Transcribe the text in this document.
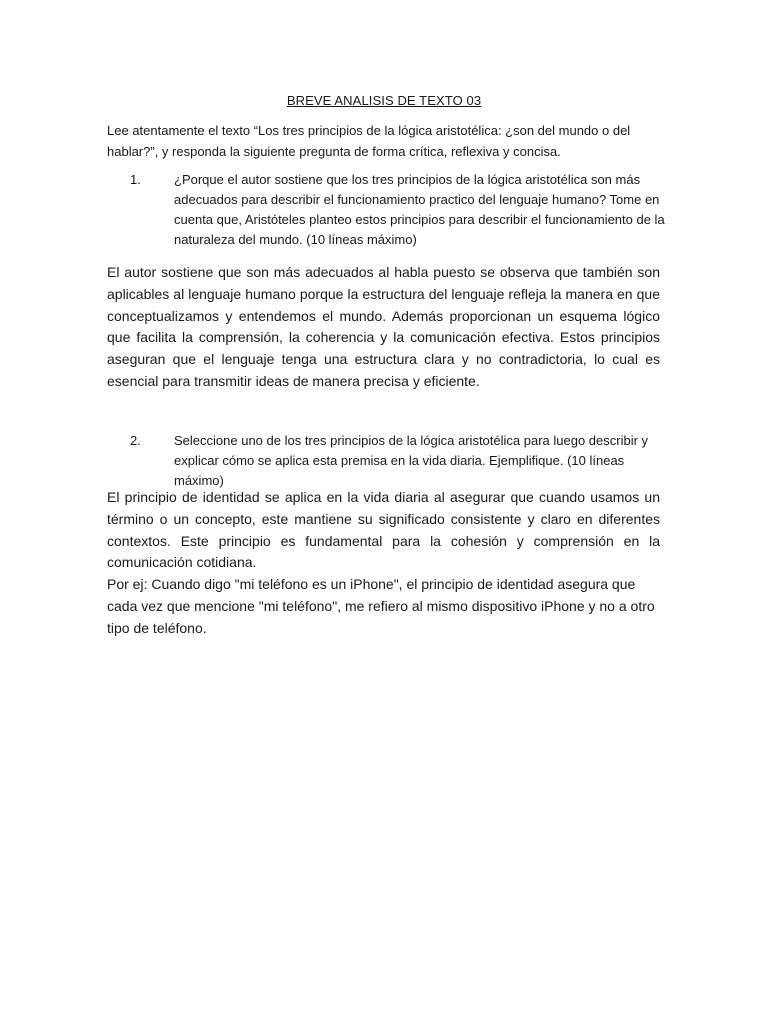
BREVE ANALISIS DE TEXTO 03
Lee atentamente el texto “Los tres principios de la lógica aristotélica: ¿son del mundo o del hablar?”, y responda la siguiente pregunta de forma crítica, reflexiva y concisa.
1.	¿Porque el autor sostiene que los tres principios de la lógica aristotélica son más adecuados para describir el funcionamiento practico del lenguaje humano? Tome en cuenta que, Aristóteles planteo estos principios para describir el funcionamiento de la naturaleza del mundo. (10 líneas máximo)

El autor sostiene que son más adecuados al habla puesto se observa que también son aplicables al lenguaje humano porque la estructura del lenguaje refleja la manera en que conceptualizamos y entendemos el mundo. Además proporcionan un esquema lógico que facilita la comprensión, la coherencia y la comunicación efectiva. Estos principios aseguran que el lenguaje tenga una estructura clara y no contradictoria, lo cual es esencial para transmitir ideas de manera precisa y eficiente.

2.	Seleccione uno de los tres principios de la lógica aristotélica para luego describir y explicar cómo se aplica esta premisa en la vida diaria. Ejemplifique. (10 líneas máximo)

El principio de identidad se aplica en la vida diaria al asegurar que cuando usamos un término o un concepto, este mantiene su significado consistente y claro en diferentes contextos. Este principio es fundamental para la cohesión y comprensión en la comunicación cotidiana.

Por ej: Cuando digo "mi teléfono es un iPhone", el principio de identidad asegura que cada vez que mencione "mi teléfono", me refiero al mismo dispositivo iPhone y no a otro tipo de teléfono.
